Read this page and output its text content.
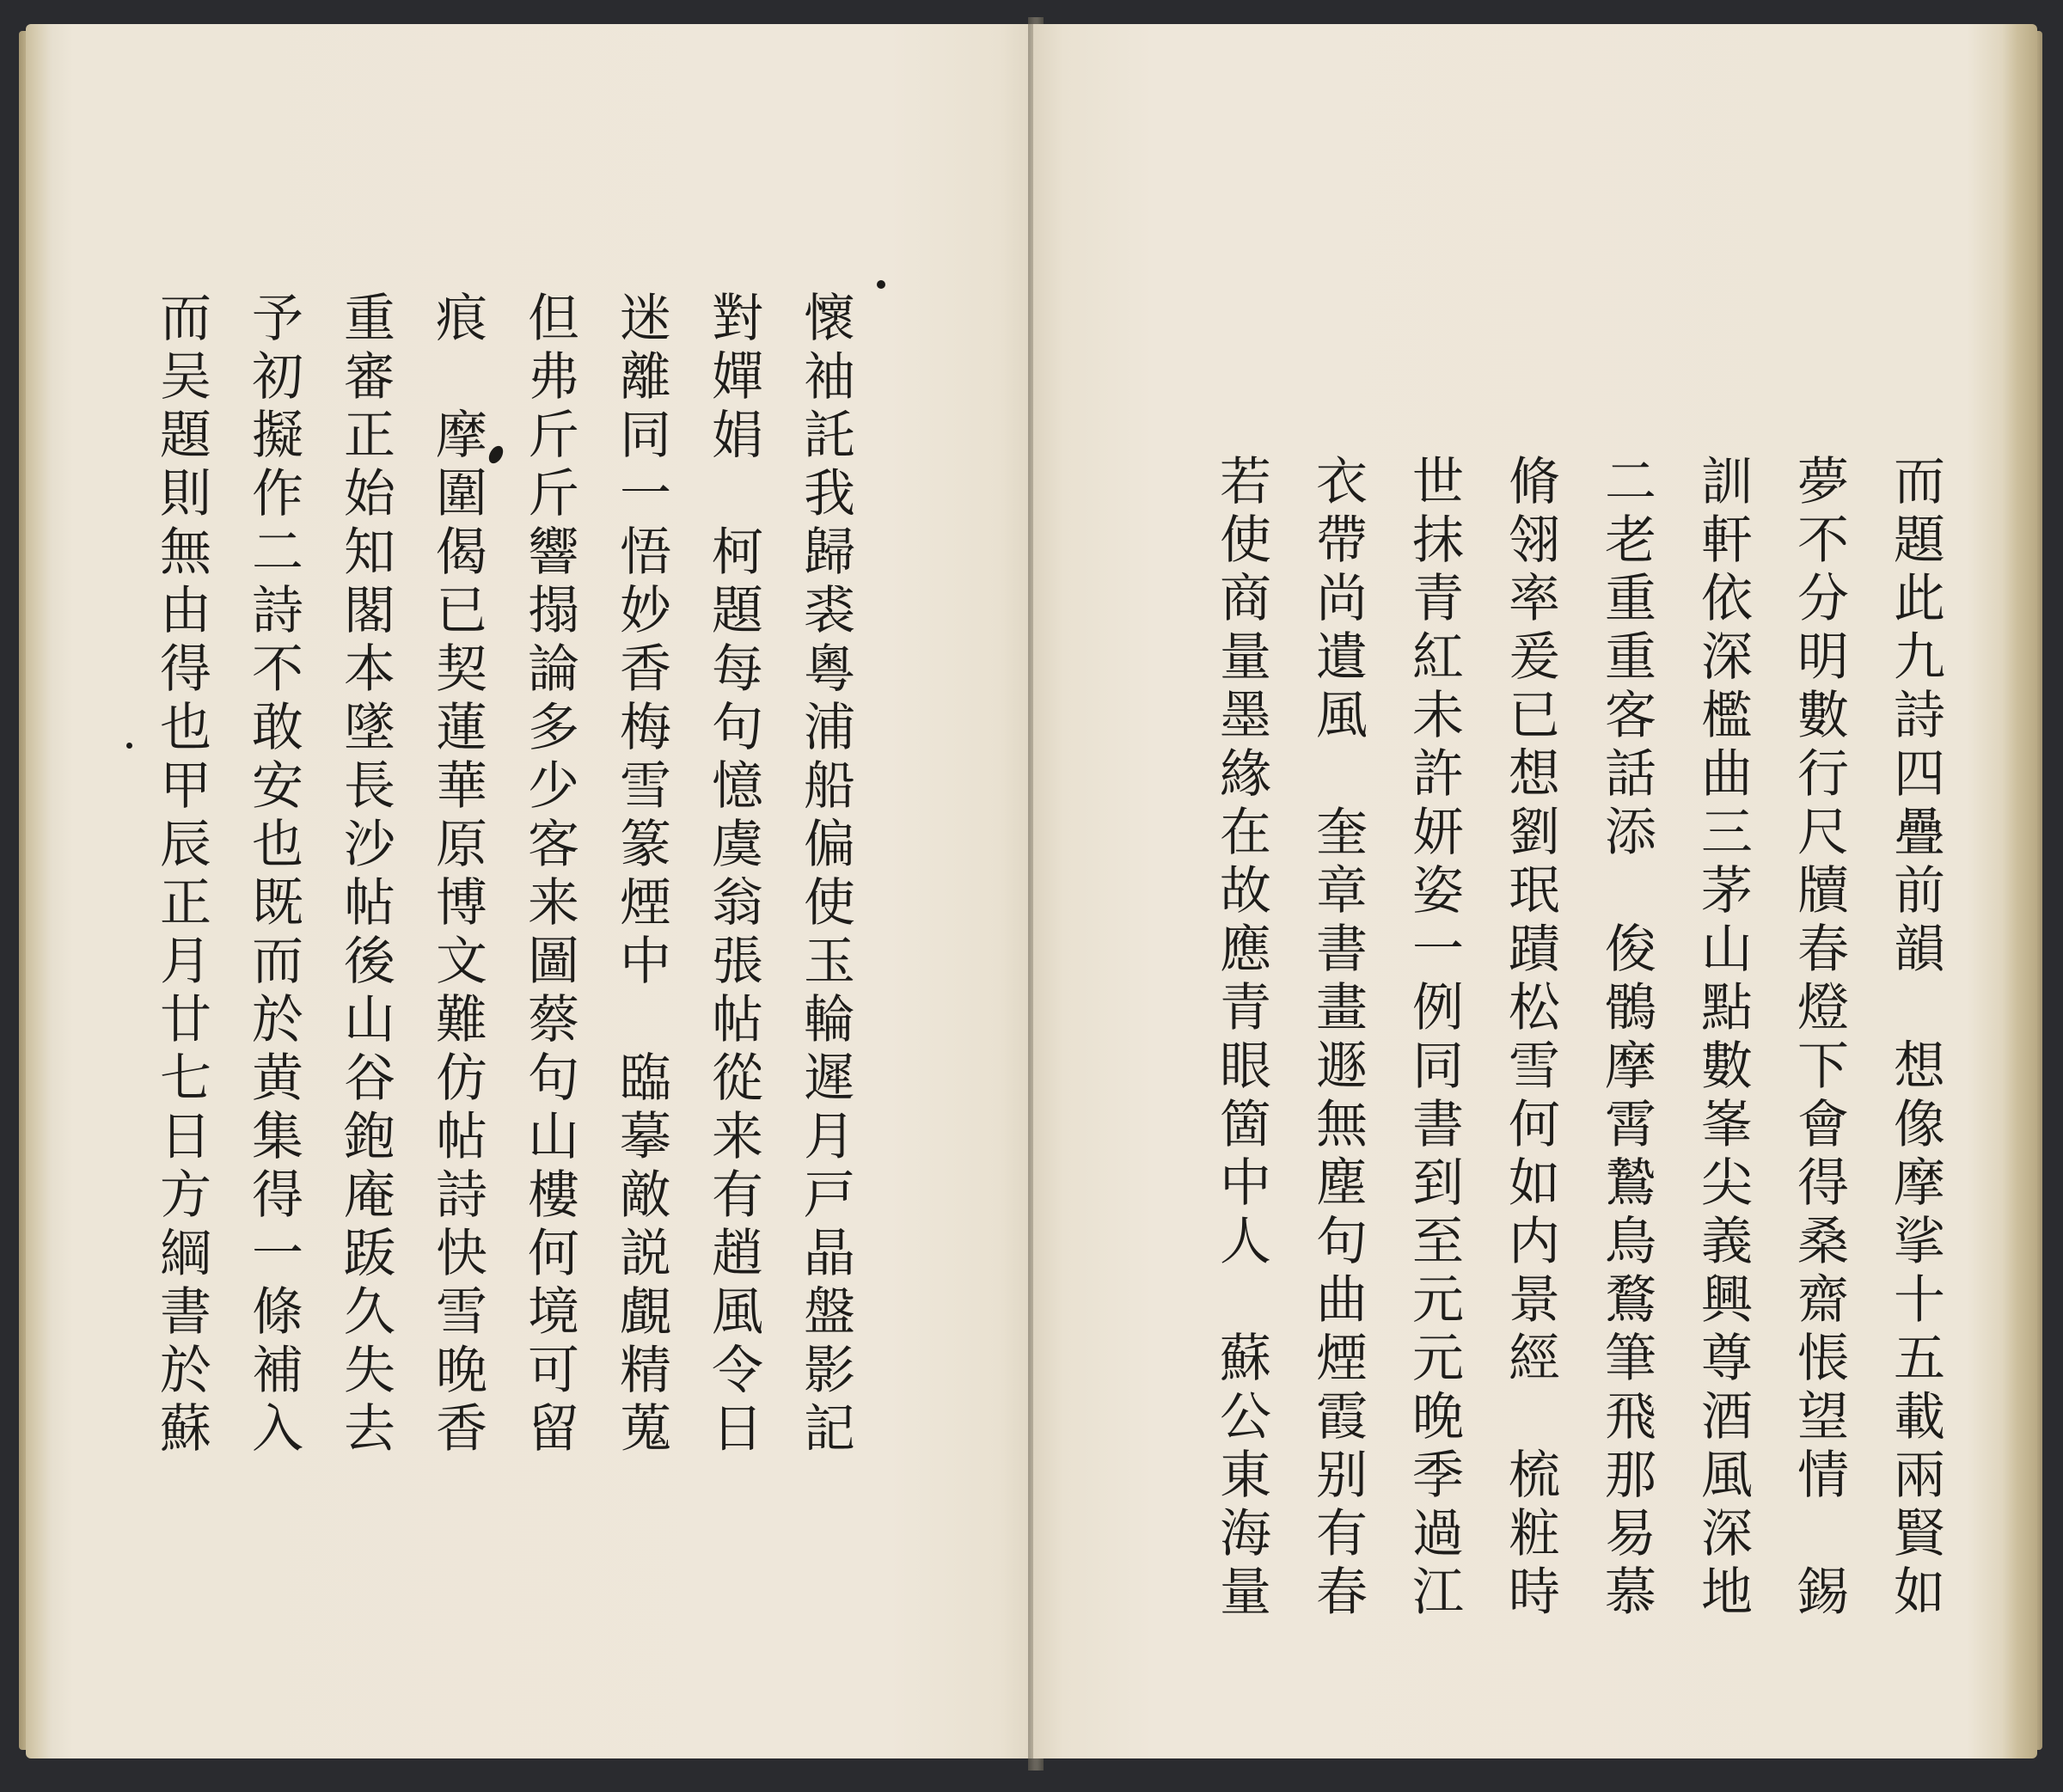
懷袖託我歸裘粵浦船偏使玉輪遲月戸晶盤影記
對嬋娟　柯題每句憶虞翁張帖從来有趙風令日
迷離同一悟妙香梅雪篆煙中　臨摹敵説覰精蒐
但弗斤斤響搨論多少客来圖蔡句山樓何境可留
痕　摩圍偈已契蓮華原博文難仿帖詩快雪晚香
重審正始知閣本墜長沙帖後山谷鉋庵䟦久失去
予初擬作二詩不敢安也既而於黄集得一條補入
而吴題則無由得也甲辰正月廿七日方綱書於蘇	而題此九詩四疊前韻　想像摩挲十五載兩賢如
夢不分明數行尺牘春燈下會得桑齋悵望情　錫
訓軒依深檻曲三茅山點數峯尖義興尊酒風深地
二老重重客話添　俊鶻摩霄鷙鳥鶩筆飛那易慕
脩翎率爰已想劉珉蹟松雪何如内景經　梳粧時
世抹青紅未許妍姿一例同書到至元元晚季過江
衣帶尚遺風　奎章書畫遯無塵句曲煙霞别有春
若使商量墨緣在故應青眼箇中人　蘇公東海量
